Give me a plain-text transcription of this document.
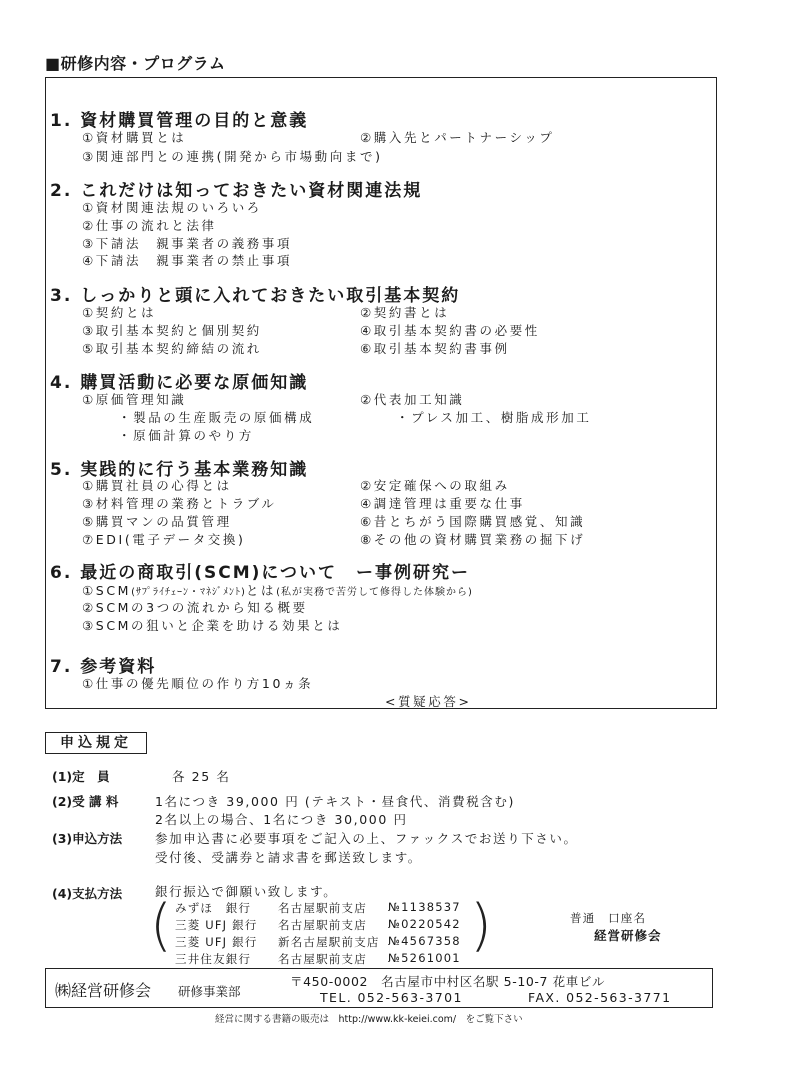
■研修内容・プログラム
1. 資材購買管理の目的と意義
①資材購買とは	②購入先とパートナーシップ
③関連部門との連携(開発から市場動向まで)
2. これだけは知っておきたい資材関連法規
①資材関連法規のいろいろ
②仕事の流れと法律
③下請法　親事業者の義務事項
④下請法　親事業者の禁止事項
3. しっかりと頭に入れておきたい取引基本契約
①契約とは	②契約書とは
③取引基本契約と個別契約	④取引基本契約書の必要性
⑤取引基本契約締結の流れ	⑥取引基本契約書事例
4. 購買活動に必要な原価知識
①原価管理知識	②代表加工知識
・製品の生産販売の原価構成	・プレス加工、樹脂成形加工
・原価計算のやり方
5. 実践的に行う基本業務知識
①購買社員の心得とは	②安定確保への取組み
③材料管理の業務とトラブル	④調達管理は重要な仕事
⑤購買マンの品質管理	⑥昔とちがう国際購買感覚、知識
⑦EDI(電子データ交換)	⑧その他の資材購買業務の掘下げ
6. 最近の商取引(SCM)について　ー事例研究ー
①SCM(ｻﾌﾟﾗｲﾁｪｰﾝ・ﾏﾈｼﾞﾒﾝﾄ)とは(私が実務で苦労して修得した体験から)
②SCMの3つの流れから知る概要
③SCMの狙いと企業を助ける効果とは
7. 参考資料
①仕事の優先順位の作り方10ヵ条
<質疑応答>
申込規定
(1)定　員	各 25 名
(2)受 講 料	1名につき 39,000 円 (テキスト・昼食代、消費税含む)
2名以上の場合、1名につき 30,000 円
(3)申込方法	参加申込書に必要事項をご記入の上、ファックスでお送り下さい。
受付後、受講券と請求書を郵送致します。
(4)支払方法	銀行振込で御願い致します。
(	)
みずほ　銀行 名古屋駅前支店 №1138537
三菱 UFJ 銀行 名古屋駅前支店 №0220542
三菱 UFJ 銀行 新名古屋駅前支店 №4567358
三井住友銀行 名古屋駅前支店 №5261001
普通　口座名
経営研修会
㈱経営研修会 研修事業部
〒450-0002　名古屋市中村区名駅 5-10-7 花車ビル
TEL. 052-563-3701	FAX. 052-563-3771
経営に関する書籍の販売は　http://www.kk-keiei.com/　をご覧下さい
